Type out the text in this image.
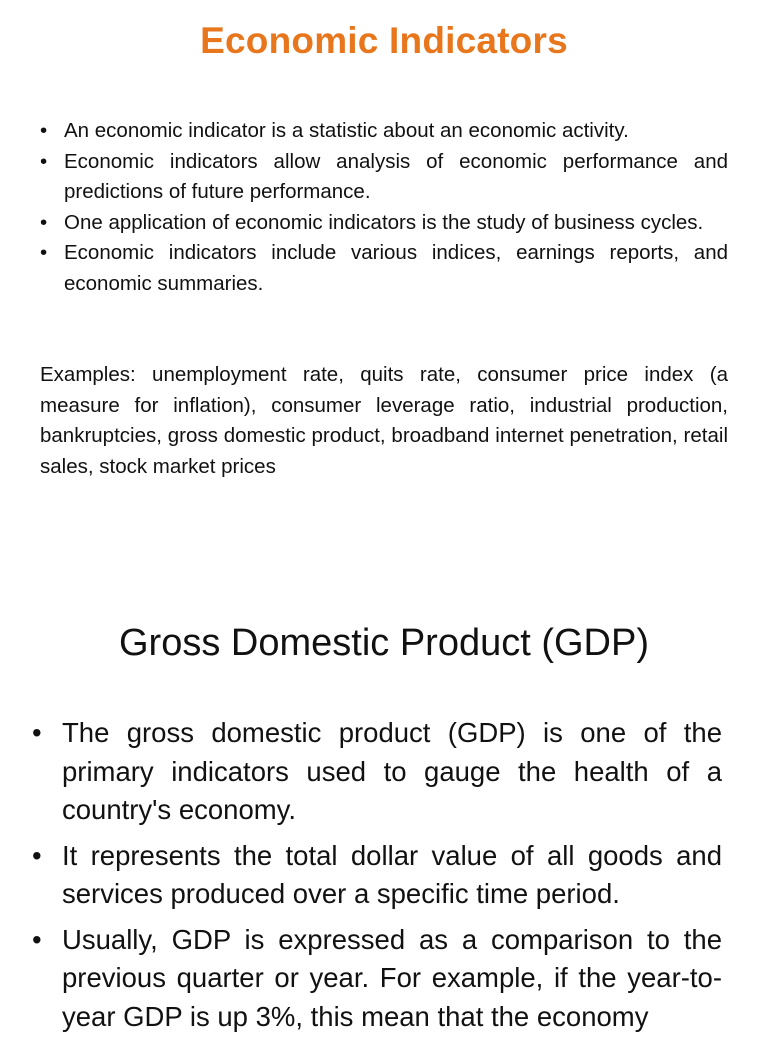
Economic Indicators
• An economic indicator is a statistic about an economic activity.
• Economic indicators allow analysis of economic performance and predictions of future performance.
• One application of economic indicators is the study of business cycles.
• Economic indicators include various indices, earnings reports, and economic summaries.

Examples: unemployment rate, quits rate, consumer price index (a measure for inflation), consumer leverage ratio, industrial production, bankruptcies, gross domestic product, broadband internet penetration, retail sales, stock market prices

Gross Domestic Product (GDP)
• The gross domestic product (GDP) is one of the primary indicators used to gauge the health of a country's economy.
• It represents the total dollar value of all goods and services produced over a specific time period.
• Usually, GDP is expressed as a comparison to the previous quarter or year. For example, if the year-to-year GDP is up 3%, this mean that the economy
